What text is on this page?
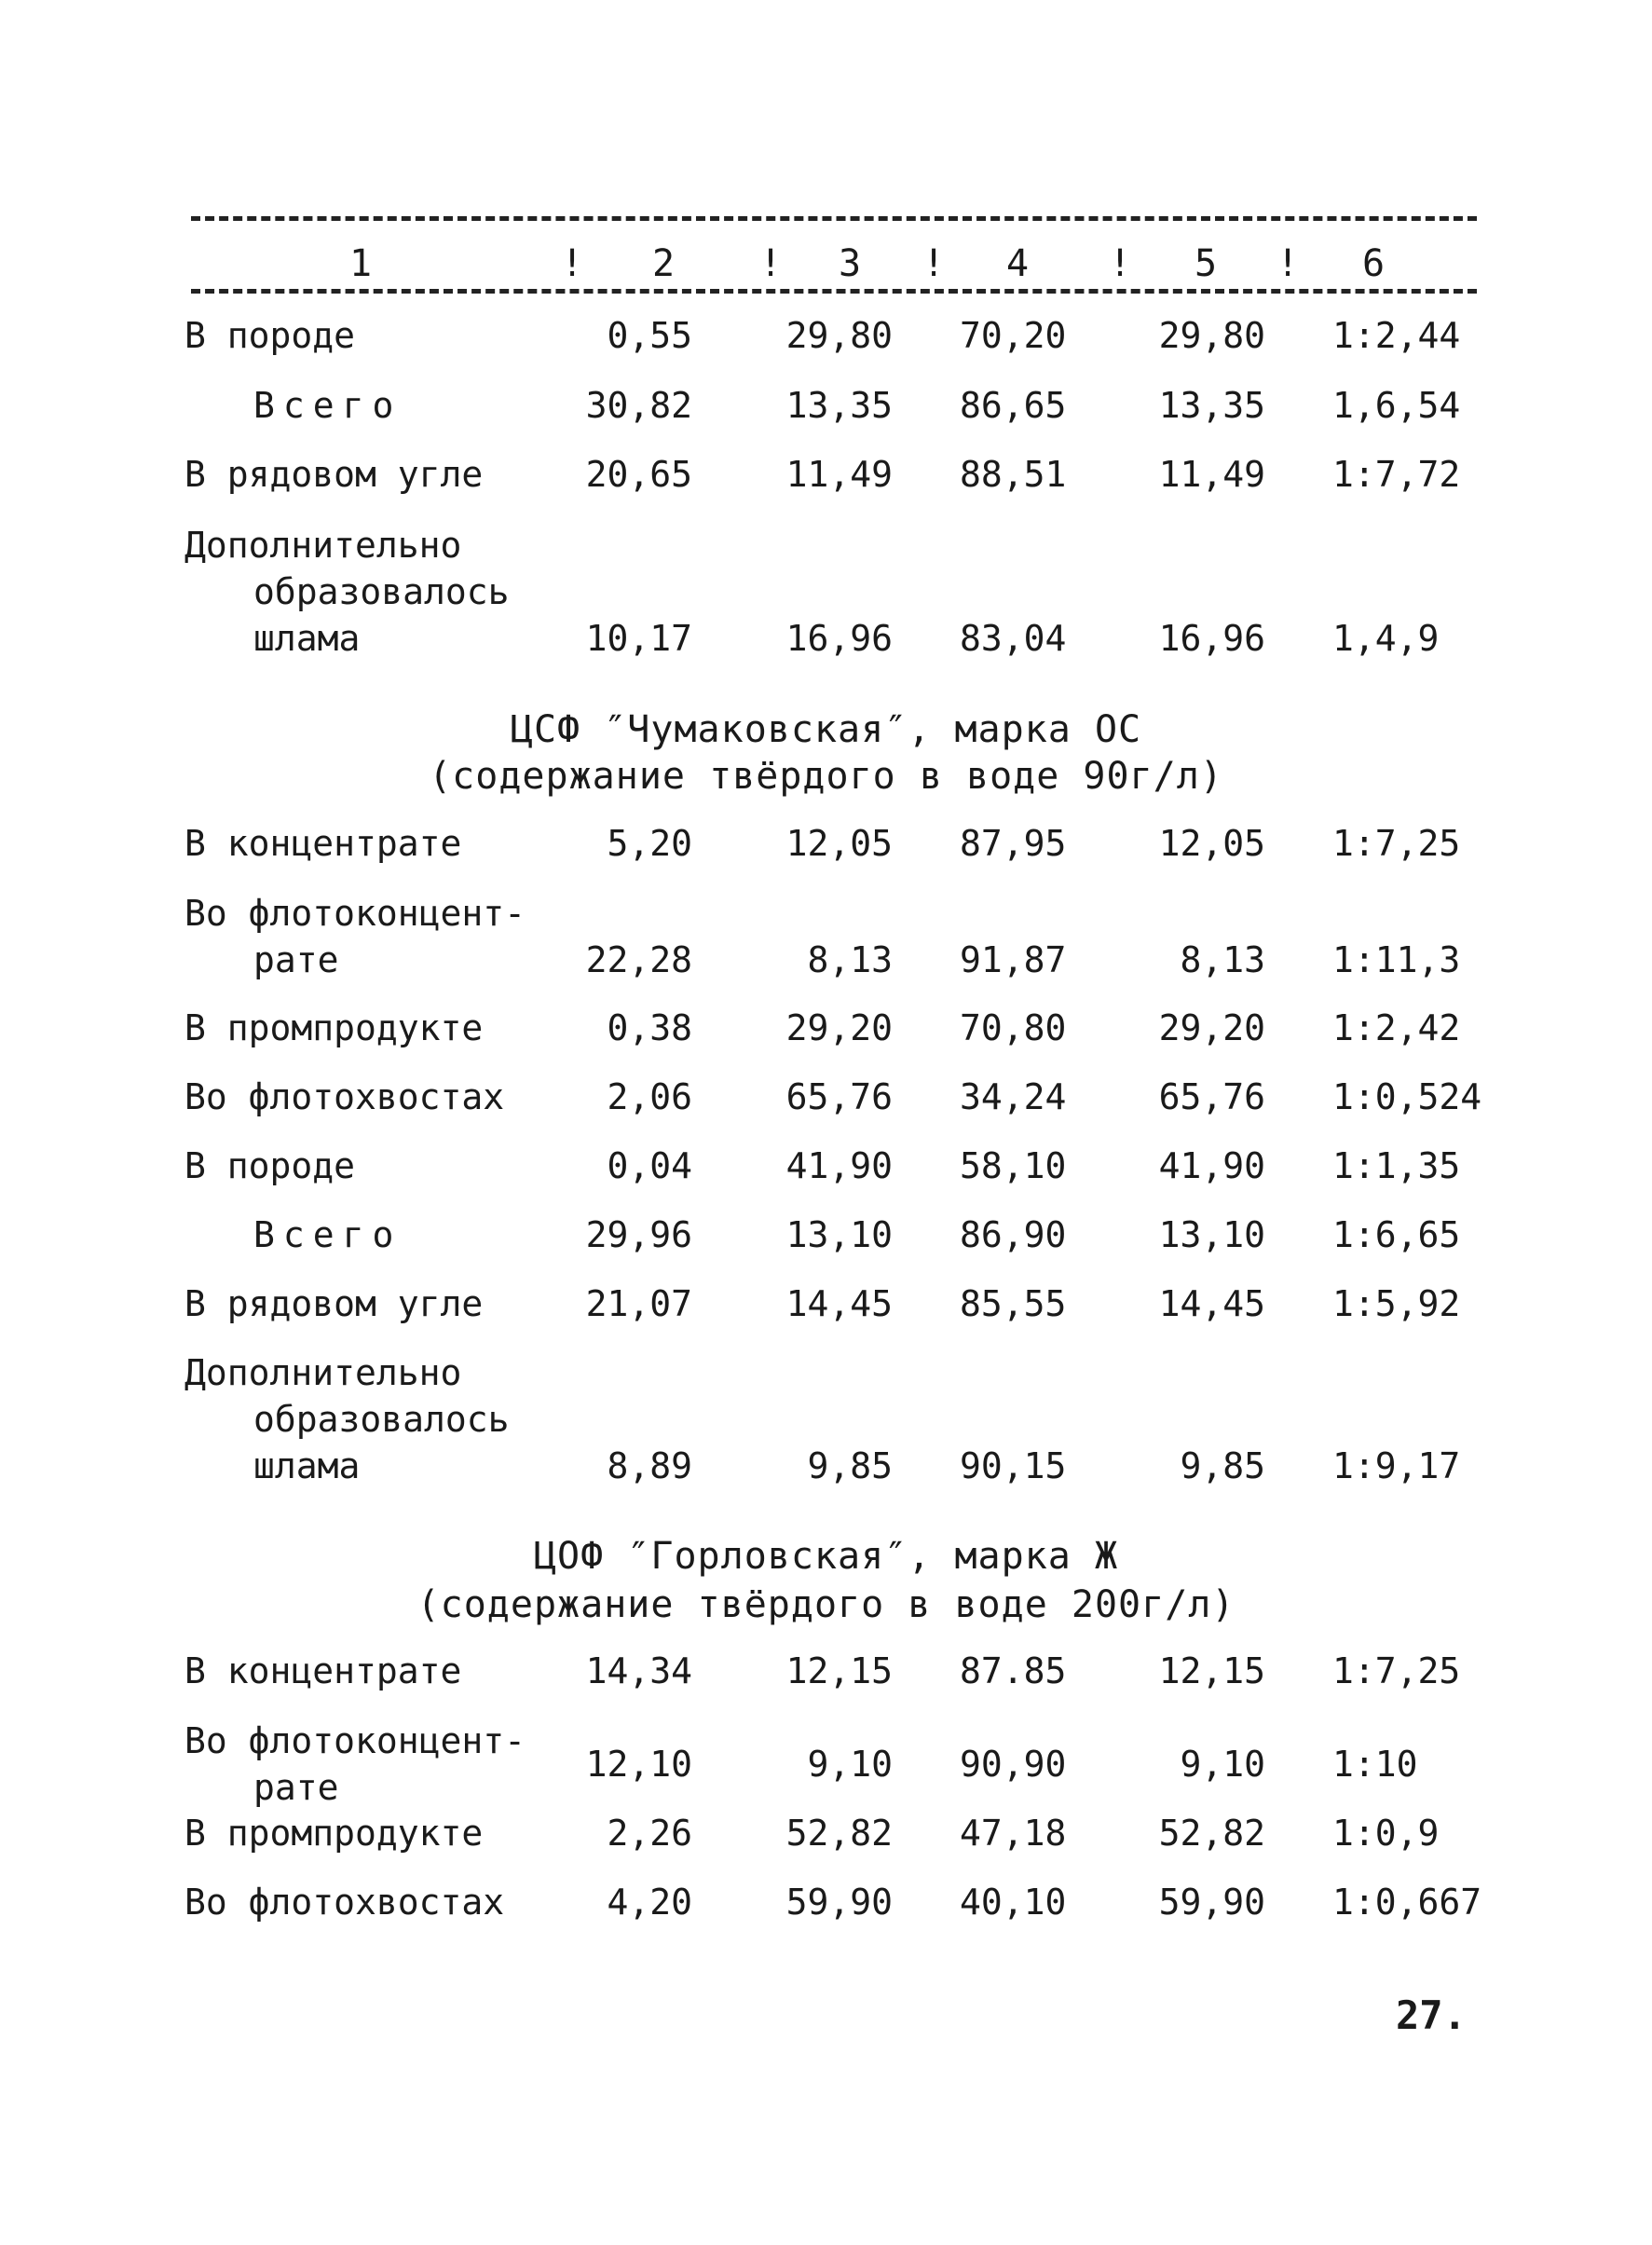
1	! 2 ! 3 ! 4 ! 5 ! 6
В породе	0,55	29,80 70,20	29,80 1:2,44
Всего	30,82	13,35 86,65	13,35 1,6,54
В рядовом угле	20,65	11,49 88,51	11,49 1:7,72
Дополнительно
образовалось
шлама	10,17	16,96 83,04	16,96 1,4,9
ЦСФ ″Чумаковская″, марка ОС
(содержание твёрдого в воде 90г/л)
В концентрате	5,20	12,05 87,95	12,05 1:7,25
Во флотоконцент-
рате	22,28	8,13 91,87	8,13 1:11,3
В промпродукте	0,38	29,20 70,80	29,20 1:2,42
Во флотохвостах	2,06	65,76 34,24	65,76 1:0,524
В породе	0,04	41,90 58,10	41,90 1:1,35
Всего	29,96	13,10 86,90	13,10 1:6,65
В рядовом угле	21,07	14,45 85,55	14,45 1:5,92
Дополнительно
образовалось
шлама	8,89	9,85 90,15	9,85 1:9,17
ЦОФ ″Горловская″, марка Ж
(содержание твёрдого в воде 200г/л)
В концентрате	14,34	12,15 87.85	12,15 1:7,25
Во флотоконцент-
12,10	9,10 90,90	9,10 1:10
рате
В промпродукте	2,26	52,82 47,18	52,82 1:0,9
Во флотохвостах	4,20	59,90 40,10	59,90 1:0,667
27.
